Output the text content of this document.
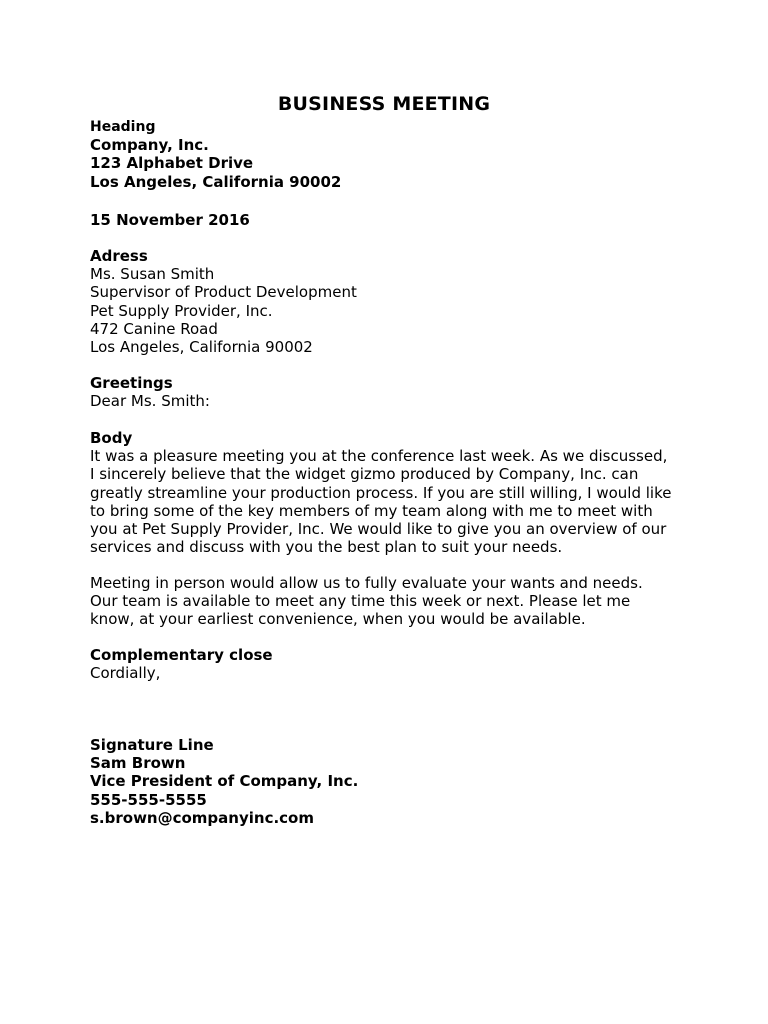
BUSINESS MEETING

Heading

Company, Inc.

123 Alphabet Drive

Los Angeles, California 90002

15 November 2016

Adress

Ms. Susan Smith

Supervisor of Product Development

Pet Supply Provider, Inc.

472 Canine Road

Los Angeles, California 90002

Greetings

Dear Ms. Smith:

Body

It was a pleasure meeting you at the conference last week. As we discussed,

I sincerely believe that the widget gizmo produced by Company, Inc. can

greatly streamline your production process. If you are still willing, I would like

to bring some of the key members of my team along with me to meet with

you at Pet Supply Provider, Inc. We would like to give you an overview of our

services and discuss with you the best plan to suit your needs.

Meeting in person would allow us to fully evaluate your wants and needs.

Our team is available to meet any time this week or next. Please let me

know, at your earliest convenience, when you would be available.

Complementary close

Cordially,

Signature Line

Sam Brown

Vice President of Company, Inc.

555-555-5555

s.brown@companyinc.com
